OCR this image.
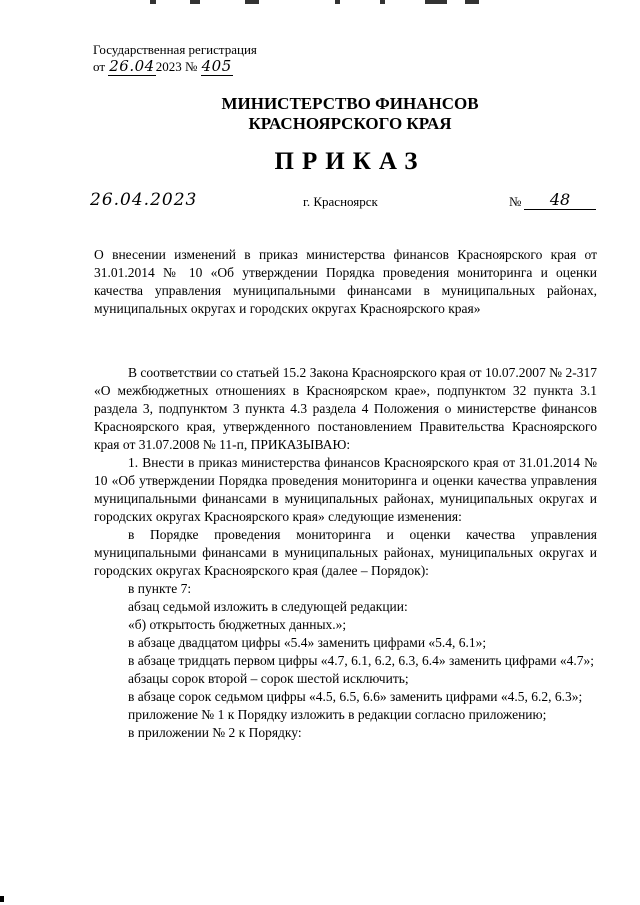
Государственная регистрация
от 26.042023 № 405
МИНИСТЕРСТВО ФИНАНСОВ
КРАСНОЯРСКОГО КРАЯ
ПРИКАЗ
26.04.2023	г. Красноярск	№	48
О внесении изменений в приказ министерства финансов Красноярского края от 31.01.2014 № 10 «Об утверждении Порядка проведения мониторинга и оценки качества управления муниципальными финансами в муниципальных районах, муниципальных округах и городских округах Красноярского края»

В соответствии со статьей 15.2 Закона Красноярского края от 10.07.2007 № 2-317 «О межбюджетных отношениях в Красноярском крае», подпунктом 32 пункта 3.1 раздела 3, подпунктом 3 пункта 4.3 раздела 4 Положения о министерстве финансов Красноярского края, утвержденного постановлением Правительства Красноярского края от 31.07.2008 № 11-п, ПРИКАЗЫВАЮ:

1. Внести в приказ министерства финансов Красноярского края от 31.01.2014 № 10 «Об утверждении Порядка проведения мониторинга и оценки качества управления муниципальными финансами в муниципальных районах, муниципальных округах и городских округах Красноярского края» следующие изменения:

в Порядке проведения мониторинга и оценки качества управления муниципальными финансами в муниципальных районах, муниципальных округах и городских округах Красноярского края (далее – Порядок):

в пункте 7:

абзац седьмой изложить в следующей редакции:

«б) открытость бюджетных данных.»;

в абзаце двадцатом цифры «5.4» заменить цифрами «5.4, 6.1»;

в абзаце тридцать первом цифры «4.7, 6.1, 6.2, 6.3, 6.4» заменить цифрами «4.7»;

абзацы сорок второй – сорок шестой исключить;

в абзаце сорок седьмом цифры «4.5, 6.5, 6.6» заменить цифрами «4.5, 6.2, 6.3»;

приложение № 1 к Порядку изложить в редакции согласно приложению;

в приложении № 2 к Порядку:
